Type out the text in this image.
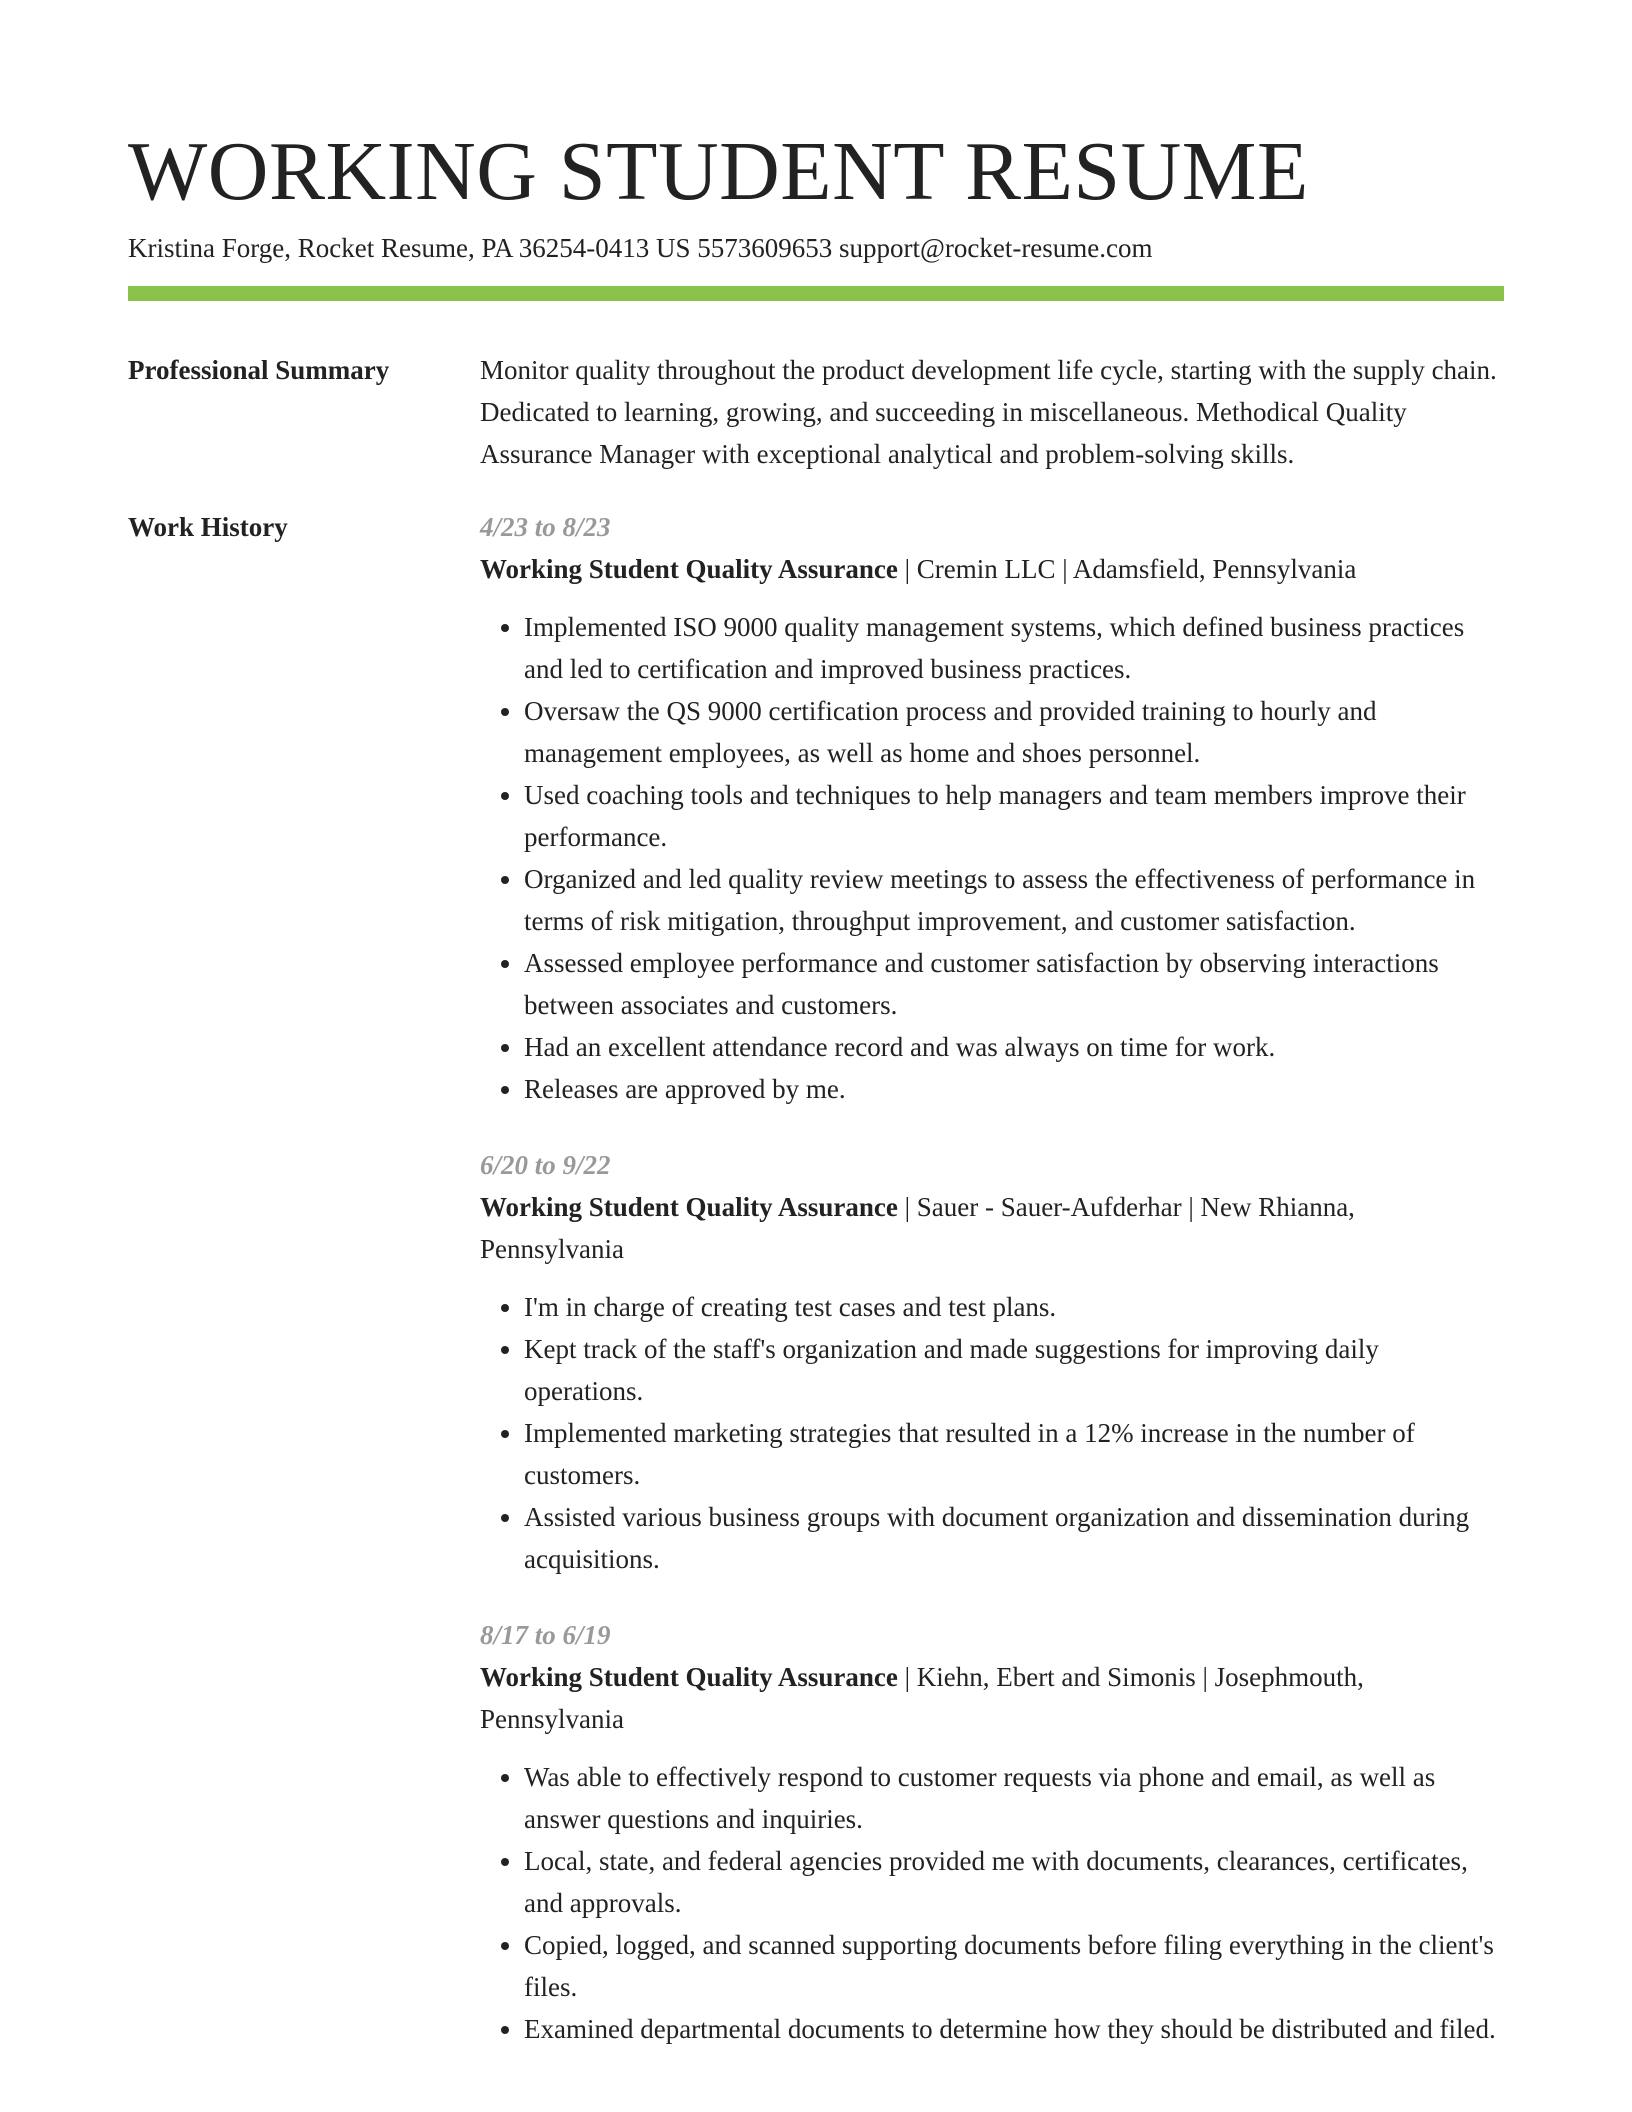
WORKING STUDENT RESUME
Kristina Forge, Rocket Resume, PA 36254-0413 US 5573609653 support@rocket-resume.com
Professional Summary	Monitor quality throughout the product development life cycle, starting with the supply chain. Dedicated to learning, growing, and succeeding in miscellaneous. Methodical Quality Assurance Manager with exceptional analytical and problem-solving skills.

Work History	4/23 to 8/23

Working Student Quality Assurance | Cremin LLC | Adamsfield, Pennsylvania

• Implemented ISO 9000 quality management systems, which defined business practices and led to certification and improved business practices.
• Oversaw the QS 9000 certification process and provided training to hourly and management employees, as well as home and shoes personnel.
• Used coaching tools and techniques to help managers and team members improve their performance.
• Organized and led quality review meetings to assess the effectiveness of performance in terms of risk mitigation, throughput improvement, and customer satisfaction.
• Assessed employee performance and customer satisfaction by observing interactions between associates and customers.
• Had an excellent attendance record and was always on time for work.
• Releases are approved by me.

6/20 to 9/22

Working Student Quality Assurance | Sauer - Sauer-Aufderhar | New Rhianna, Pennsylvania

• I'm in charge of creating test cases and test plans.
• Kept track of the staff's organization and made suggestions for improving daily operations.
• Implemented marketing strategies that resulted in a 12% increase in the number of customers.
• Assisted various business groups with document organization and dissemination during acquisitions.

8/17 to 6/19

Working Student Quality Assurance | Kiehn, Ebert and Simonis | Josephmouth, Pennsylvania

• Was able to effectively respond to customer requests via phone and email, as well as answer questions and inquiries.
• Local, state, and federal agencies provided me with documents, clearances, certificates, and approvals.
• Copied, logged, and scanned supporting documents before filing everything in the client's files.
• Examined departmental documents to determine how they should be distributed and filed.
